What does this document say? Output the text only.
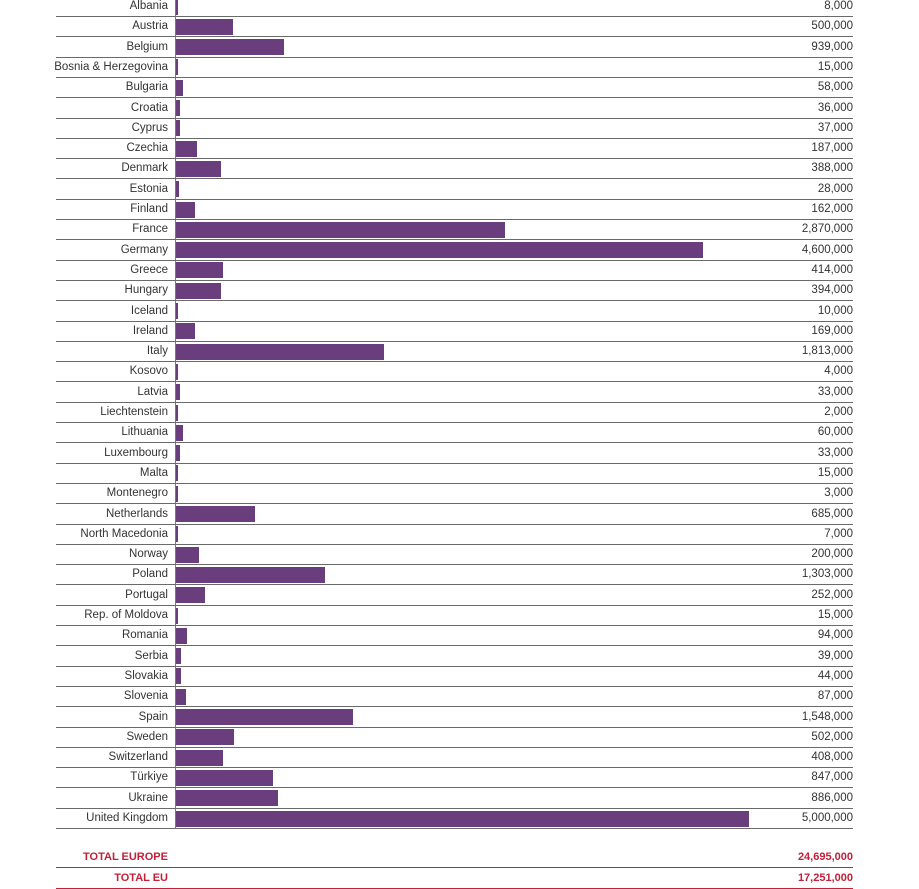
Albania	8,000
Austria	500,000
Belgium	939,000
Bosnia & Herzegovina	15,000
Bulgaria	58,000
Croatia	36,000
Cyprus	37,000
Czechia	187,000
Denmark	388,000
Estonia	28,000
Finland	162,000
France	2,870,000
Germany	4,600,000
Greece	414,000
Hungary	394,000
Iceland	10,000
Ireland	169,000
Italy	1,813,000
Kosovo	4,000
Latvia	33,000
Liechtenstein	2,000
Lithuania	60,000
Luxembourg	33,000
Malta	15,000
Montenegro	3,000
Netherlands	685,000
North Macedonia	7,000
Norway	200,000
Poland	1,303,000
Portugal	252,000
Rep. of Moldova	15,000
Romania	94,000
Serbia	39,000
Slovakia	44,000
Slovenia	87,000
Spain	1,548,000
Sweden	502,000
Switzerland	408,000
Türkiye	847,000
Ukraine	886,000
United Kingdom	5,000,000
TOTAL EUROPE	24,695,000
TOTAL EU	17,251,000
